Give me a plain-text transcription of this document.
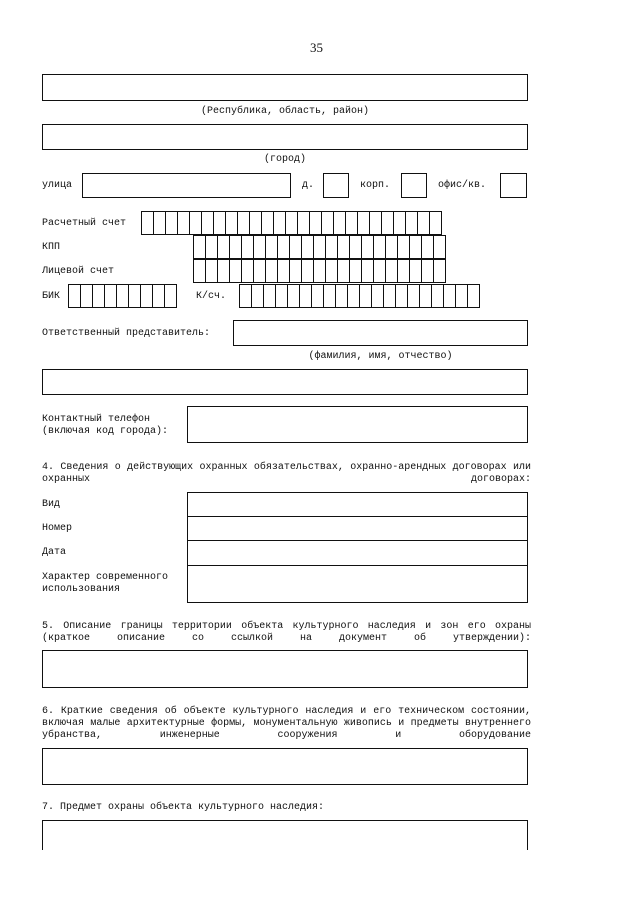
35
(Республика, область, район)
(город)
улица	д.	корп.	офис/кв.
Расчетный счет
КПП
Лицевой счет
БИК	К/сч.
Ответственный представитель:
(фамилия, имя, отчество)
Контактный телефон
(включая код города):
4. Сведения о действующих охранных обязательствах, охранно-арендных договорах или охранных договорах:
Вид
Номер
Дата
Характер современного
использования
5. Описание границы территории объекта культурного наследия и зон его охраны (краткое описание со ссылкой на документ об утверждении):
6. Краткие сведения об объекте культурного наследия и его техническом состоянии, включая малые архитектурные формы, монументальную живопись и предметы внутреннего убранства, инженерные сооружения и оборудование
7. Предмет охраны объекта культурного наследия:
